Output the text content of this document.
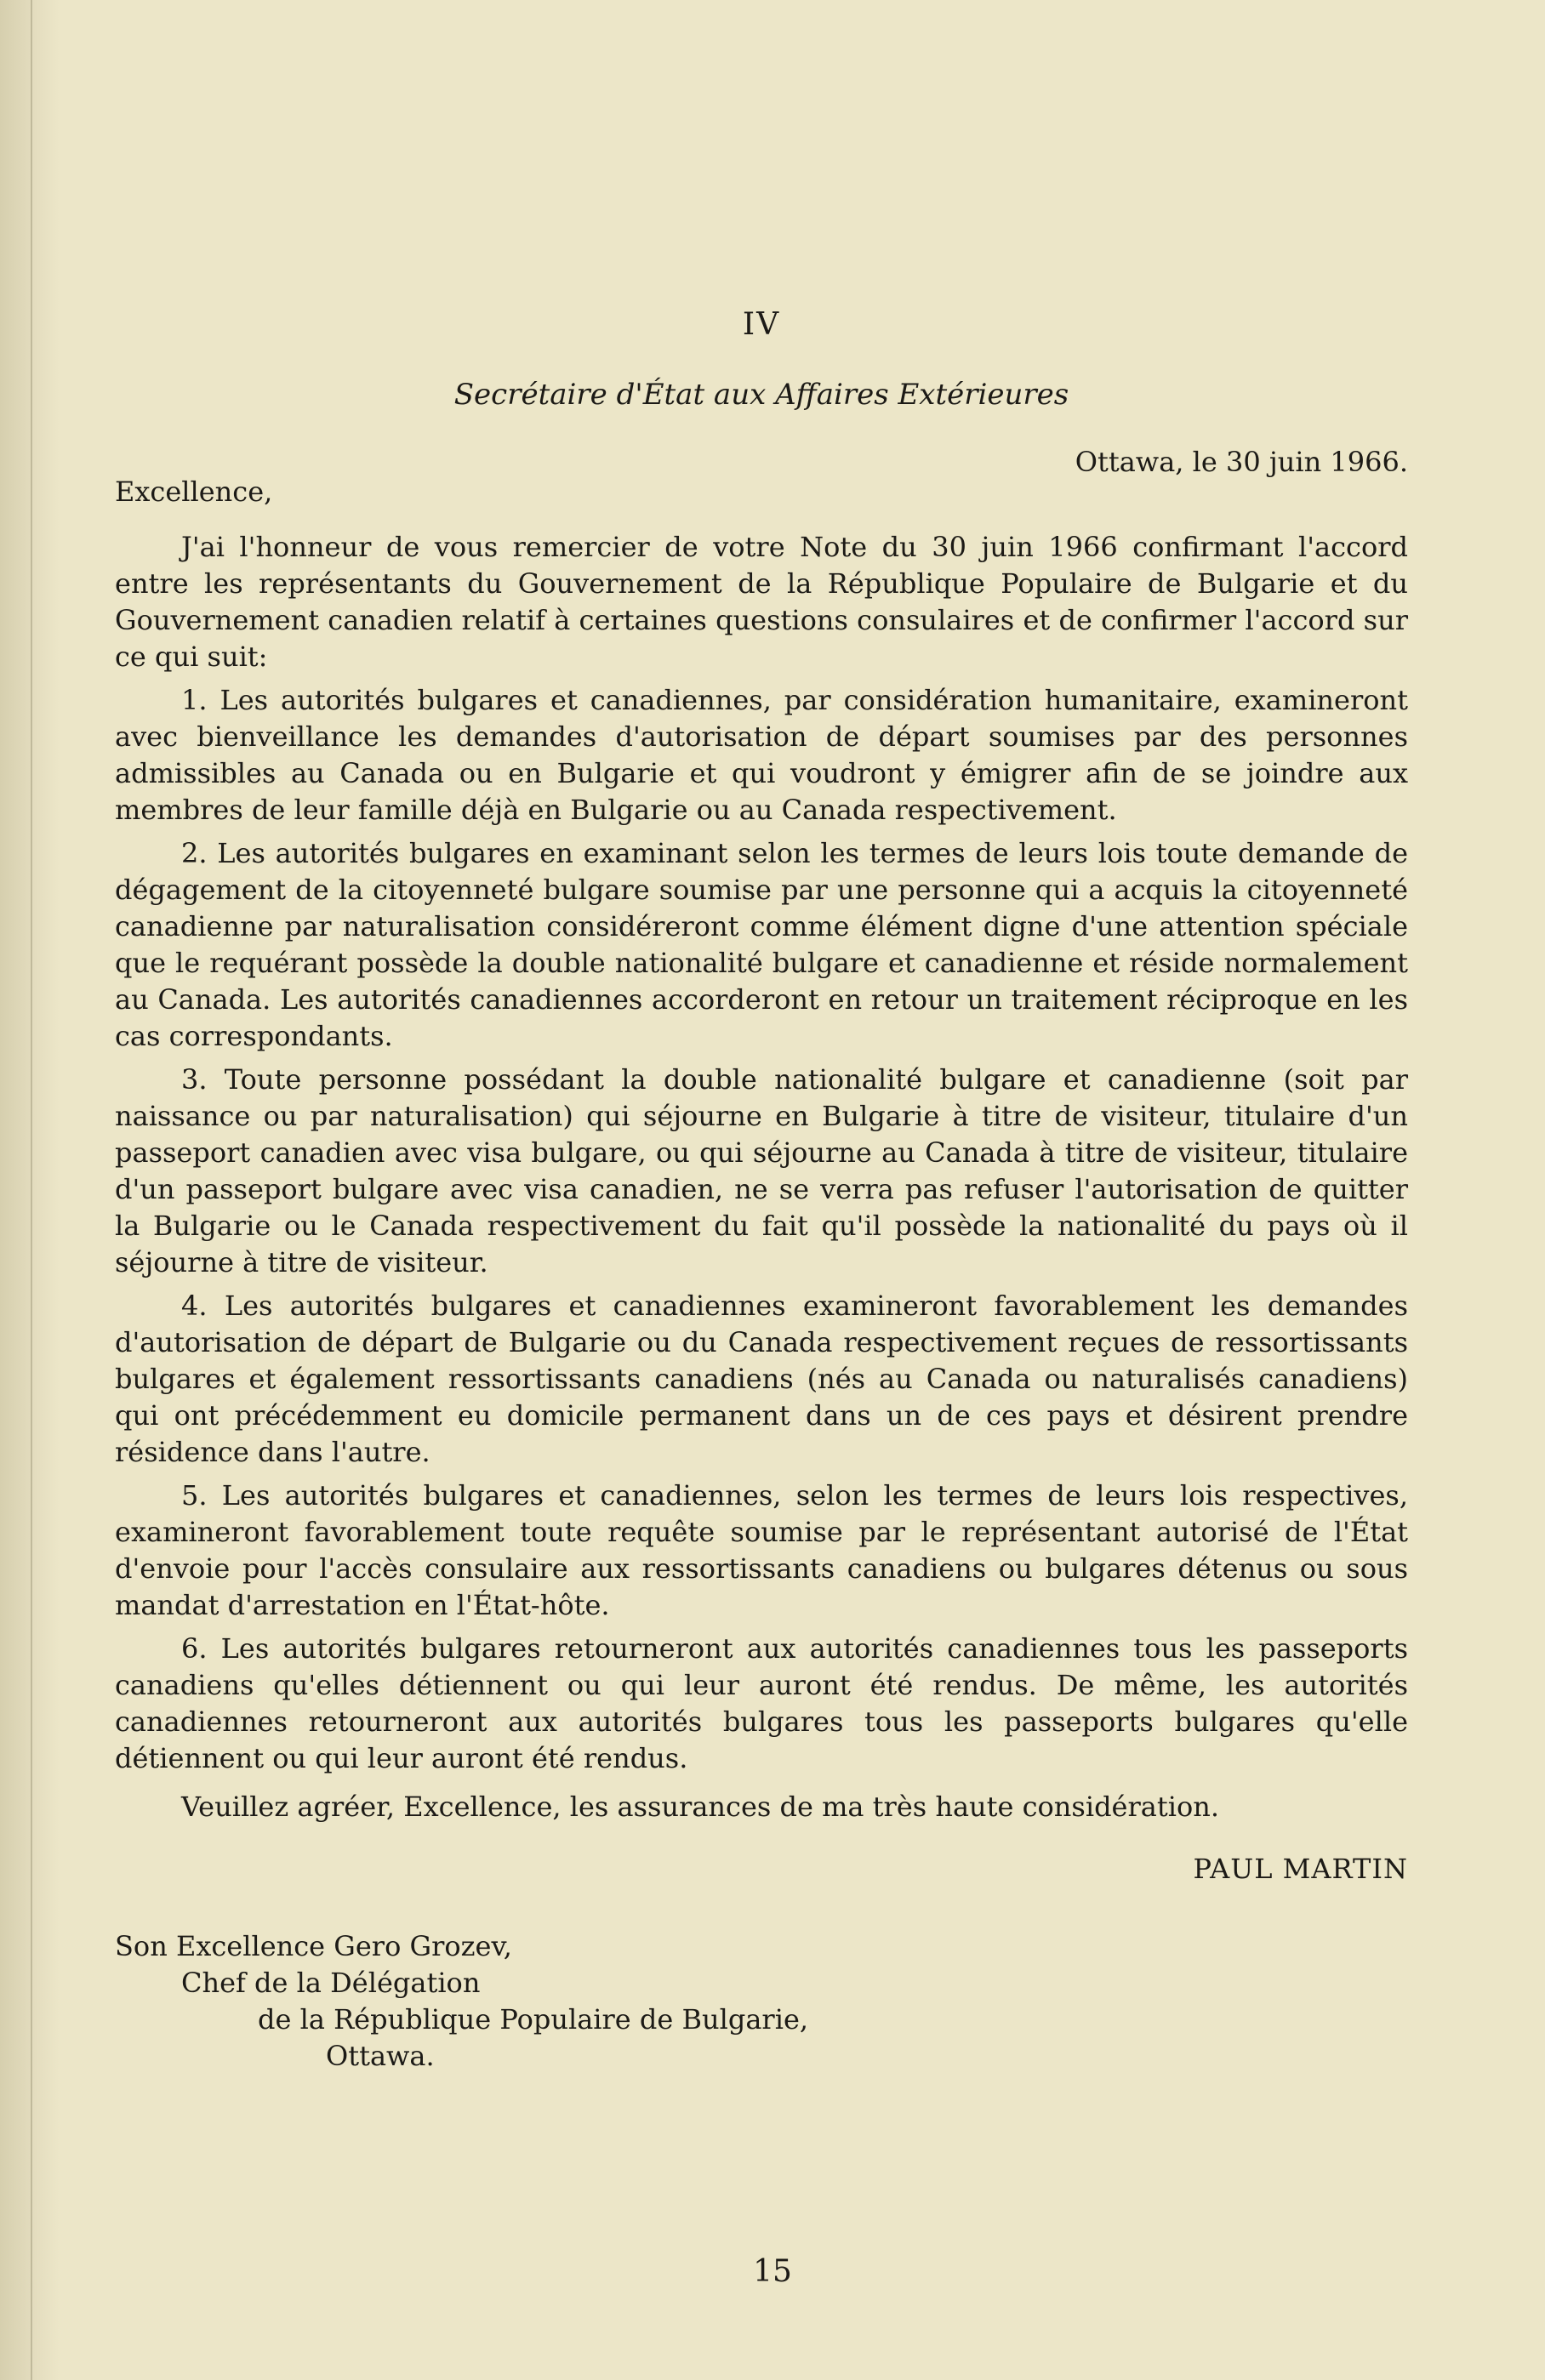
IV
Secrétaire d'État aux Affaires Extérieures

Ottawa, le 30 juin 1966.

Excellence,

J'ai l'honneur de vous remercier de votre Note du 30 juin 1966 confirmant l'accord entre les représentants du Gouvernement de la République Populaire de Bulgarie et du Gouvernement canadien relatif à certaines questions consulaires et de confirmer l'accord sur ce qui suit:

1. Les autorités bulgares et canadiennes, par considération humanitaire, examineront avec bienveillance les demandes d'autorisation de départ soumises par des personnes admissibles au Canada ou en Bulgarie et qui voudront y émigrer afin de se joindre aux membres de leur famille déjà en Bulgarie ou au Canada respectivement.

2. Les autorités bulgares en examinant selon les termes de leurs lois toute demande de dégagement de la citoyenneté bulgare soumise par une personne qui a acquis la citoyenneté canadienne par naturalisation considéreront comme élément digne d'une attention spéciale que le requérant possède la double nationalité bulgare et canadienne et réside normalement au Canada. Les autorités canadiennes accorderont en retour un traitement réciproque en les cas correspondants.

3. Toute personne possédant la double nationalité bulgare et canadienne (soit par naissance ou par naturalisation) qui séjourne en Bulgarie à titre de visiteur, titulaire d'un passeport canadien avec visa bulgare, ou qui séjourne au Canada à titre de visiteur, titulaire d'un passeport bulgare avec visa canadien, ne se verra pas refuser l'autorisation de quitter la Bulgarie ou le Canada respectivement du fait qu'il possède la nationalité du pays où il séjourne à titre de visiteur.

4. Les autorités bulgares et canadiennes examineront favorablement les demandes d'autorisation de départ de Bulgarie ou du Canada respectivement reçues de ressortissants bulgares et également ressortissants canadiens (nés au Canada ou naturalisés canadiens) qui ont précédemment eu domicile permanent dans un de ces pays et désirent prendre résidence dans l'autre.

5. Les autorités bulgares et canadiennes, selon les termes de leurs lois respectives, examineront favorablement toute requête soumise par le représentant autorisé de l'État d'envoie pour l'accès consulaire aux ressortissants canadiens ou bulgares détenus ou sous mandat d'arrestation en l'État-hôte.

6. Les autorités bulgares retourneront aux autorités canadiennes tous les passeports canadiens qu'elles détiennent ou qui leur auront été rendus. De même, les autorités canadiennes retourneront aux autorités bulgares tous les passeports bulgares qu'elle détiennent ou qui leur auront été rendus.

Veuillez agréer, Excellence, les assurances de ma très haute considération.

PAUL MARTIN

Son Excellence Gero Grozev,
Chef de la Délégation
de la République Populaire de Bulgarie,
Ottawa.
15
